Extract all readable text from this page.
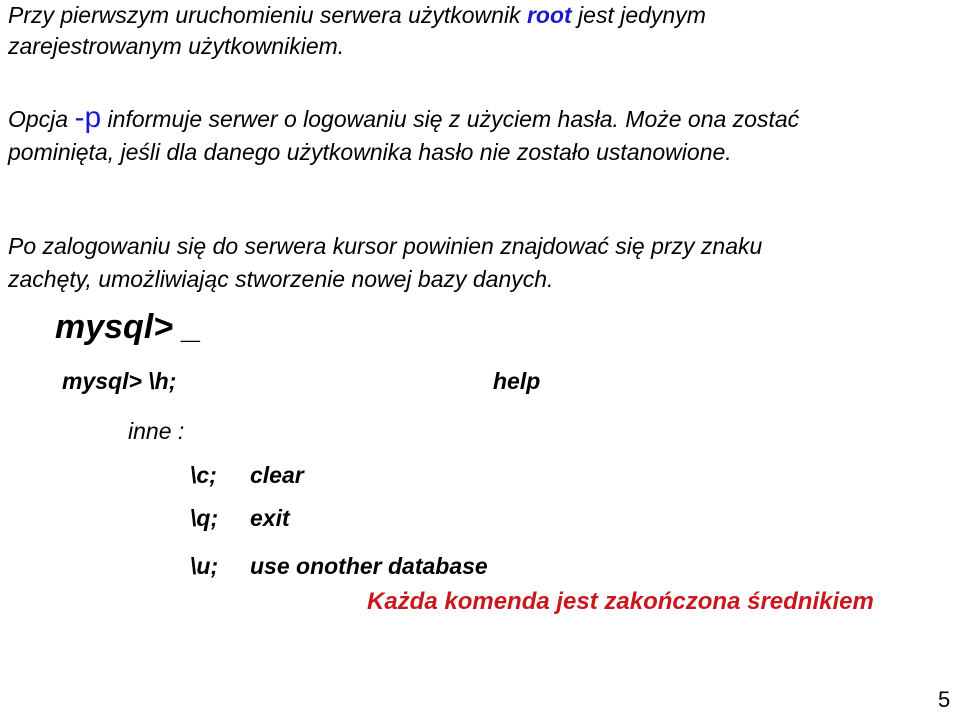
Przy pierwszym uruchomieniu serwera użytkownik root jest jedynym
zarejestrowanym użytkownikiem.
Opcja -p informuje serwer o logowaniu się z użyciem hasła. Może ona zostać
pominięta, jeśli dla danego użytkownika hasło nie zostało ustanowione.
Po zalogowaniu się do serwera kursor powinien znajdować się przy znaku
zachęty, umożliwiając stworzenie nowej bazy danych.
mysql> _
mysql> \h;	help
inne :
\c; clear
\q; exit
\u; use onother database
Każda komenda jest zakończona średnikiem
5
